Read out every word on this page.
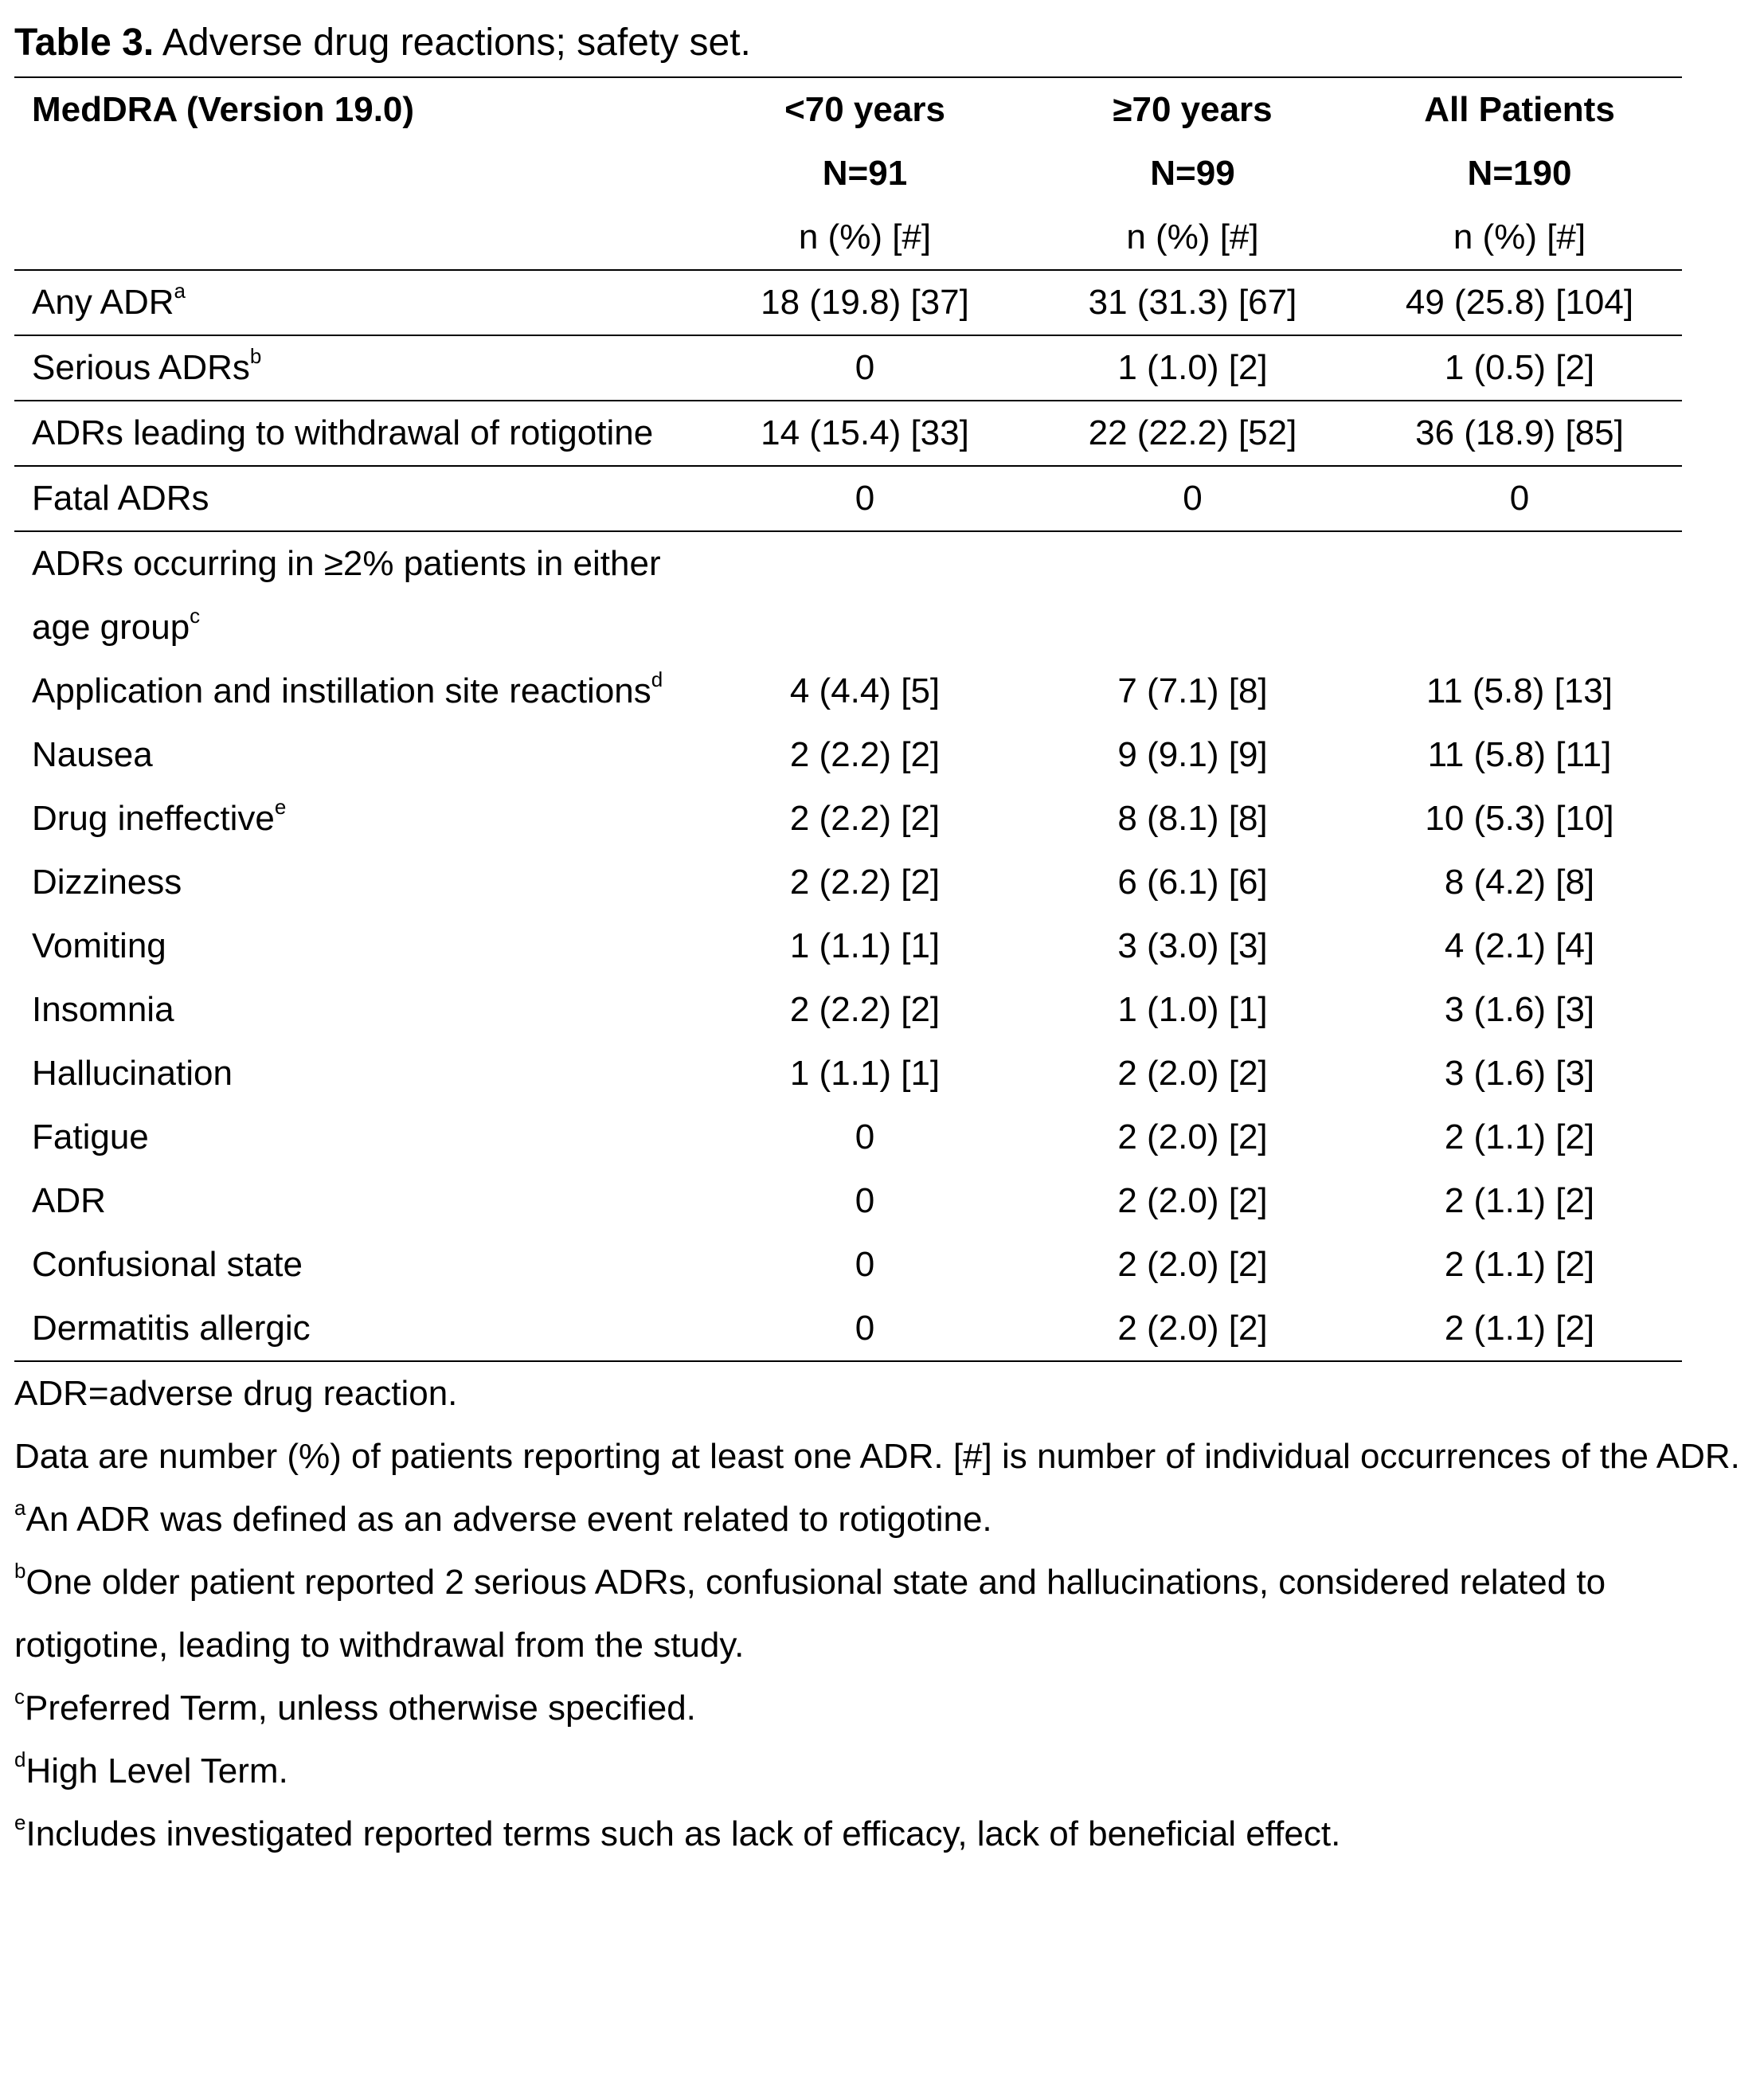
Table 3. Adverse drug reactions; safety set.
MedDRA (Version 19.0)	<70 years	≥70 years	All Patients
	N=91	N=99	N=190
	n (%) [#]	n (%) [#]	n (%) [#]
Any ADR$^a$	18 (19.8) [37]	31 (31.3) [67]	49 (25.8) [104]
Serious ADRs$^b$	0	1 (1.0) [2]	1 (0.5) [2]
ADRs leading to withdrawal of rotigotine	14 (15.4) [33]	22 (22.2) [52]	36 (18.9) [85]
Fatal ADRs	0	0	0
ADRs occurring in ≥2% patients in either age group$^c$			
Application and instillation site reactions$^d$	4 (4.4) [5]	7 (7.1) [8]	11 (5.8) [13]
Nausea	2 (2.2) [2]	9 (9.1) [9]	11 (5.8) [11]
Drug ineffective$^e$	2 (2.2) [2]	8 (8.1) [8]	10 (5.3) [10]
Dizziness	2 (2.2) [2]	6 (6.1) [6]	8 (4.2) [8]
Vomiting	1 (1.1) [1]	3 (3.0) [3]	4 (2.1) [4]
Insomnia	2 (2.2) [2]	1 (1.0) [1]	3 (1.6) [3]
Hallucination	1 (1.1) [1]	2 (2.0) [2]	3 (1.6) [3]
Fatigue	0	2 (2.0) [2]	2 (1.1) [2]
ADR	0	2 (2.0) [2]	2 (1.1) [2]
Confusional state	0	2 (2.0) [2]	2 (1.1) [2]
Dermatitis allergic	0	2 (2.0) [2]	2 (1.1) [2]

ADR=adverse drug reaction.

Data are number (%) of patients reporting at least one ADR. [#] is number of individual occurrences of the ADR.

$^a$An ADR was defined as an adverse event related to rotigotine.

$^b$One older patient reported 2 serious ADRs, confusional state and hallucinations, considered related to rotigotine, leading to withdrawal from the study.

$^c$Preferred Term, unless otherwise specified.

$^d$High Level Term.

$^e$Includes investigated reported terms such as lack of efficacy, lack of beneficial effect.
